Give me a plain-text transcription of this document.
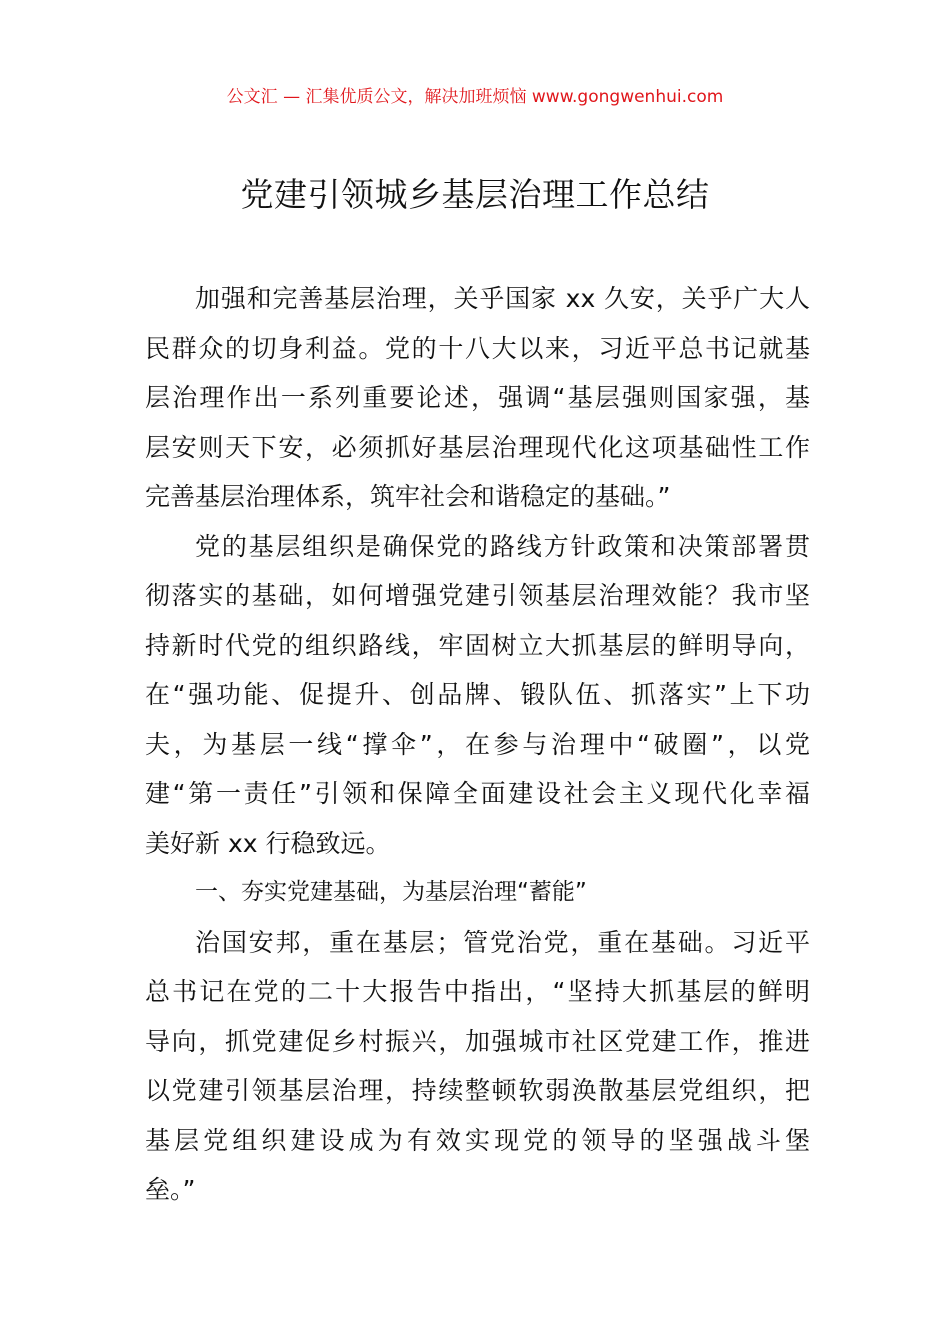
公文汇 — 汇集优质公文，解决加班烦恼 www.gongwenhui.com
党建引领城乡基层治理工作总结
加强和完善基层治理，关乎国家 xx 久安，关乎广大人
民群众的切身利益。党的十八大以来，习近平总书记就基
层治理作出一系列重要论述，强调“基层强则国家强，基
层安则天下安，必须抓好基层治理现代化这项基础性工作
完善基层治理体系，筑牢社会和谐稳定的基础。”
党的基层组织是确保党的路线方针政策和决策部署贯
彻落实的基础，如何增强党建引领基层治理效能？我市坚
持新时代党的组织路线，牢固树立大抓基层的鲜明导向，
在“强功能、促提升、创品牌、锻队伍、抓落实”上下功
夫，为基层一线“撑伞”，在参与治理中“破圈”，以党
建“第一责任”引领和保障全面建设社会主义现代化幸福
美好新 xx 行稳致远。
一、夯实党建基础，为基层治理“蓄能”
治国安邦，重在基层；管党治党，重在基础。习近平
总书记在党的二十大报告中指出，“坚持大抓基层的鲜明
导向，抓党建促乡村振兴，加强城市社区党建工作，推进
以党建引领基层治理，持续整顿软弱涣散基层党组织，把
基层党组织建设成为有效实现党的领导的坚强战斗堡
垒。”
